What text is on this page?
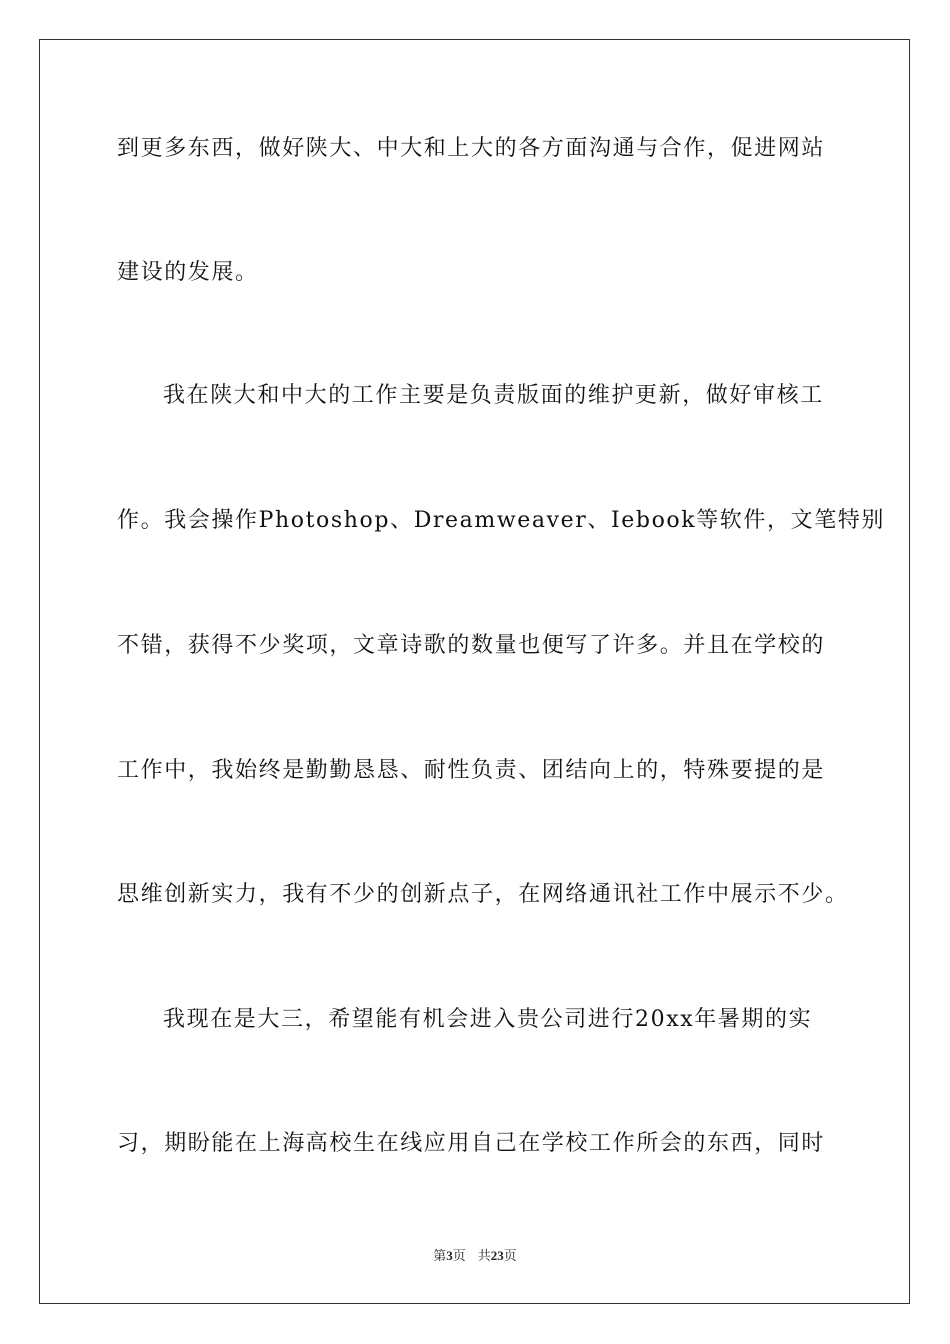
到更多东西，做好陕大、中大和上大的各方面沟通与合作，促进网站
建设的发展。
我在陕大和中大的工作主要是负责版面的维护更新，做好审核工
作。我会操作Photoshop、Dreamweaver、Iebook等软件，文笔特别
不错，获得不少奖项，文章诗歌的数量也便写了许多。并且在学校的
工作中，我始终是勤勤恳恳、耐性负责、团结向上的，特殊要提的是
思维创新实力，我有不少的创新点子，在网络通讯社工作中展示不少。
我现在是大三，希望能有机会进入贵公司进行20xx年暑期的实
习，期盼能在上海高校生在线应用自己在学校工作所会的东西，同时
第3页 共23页
